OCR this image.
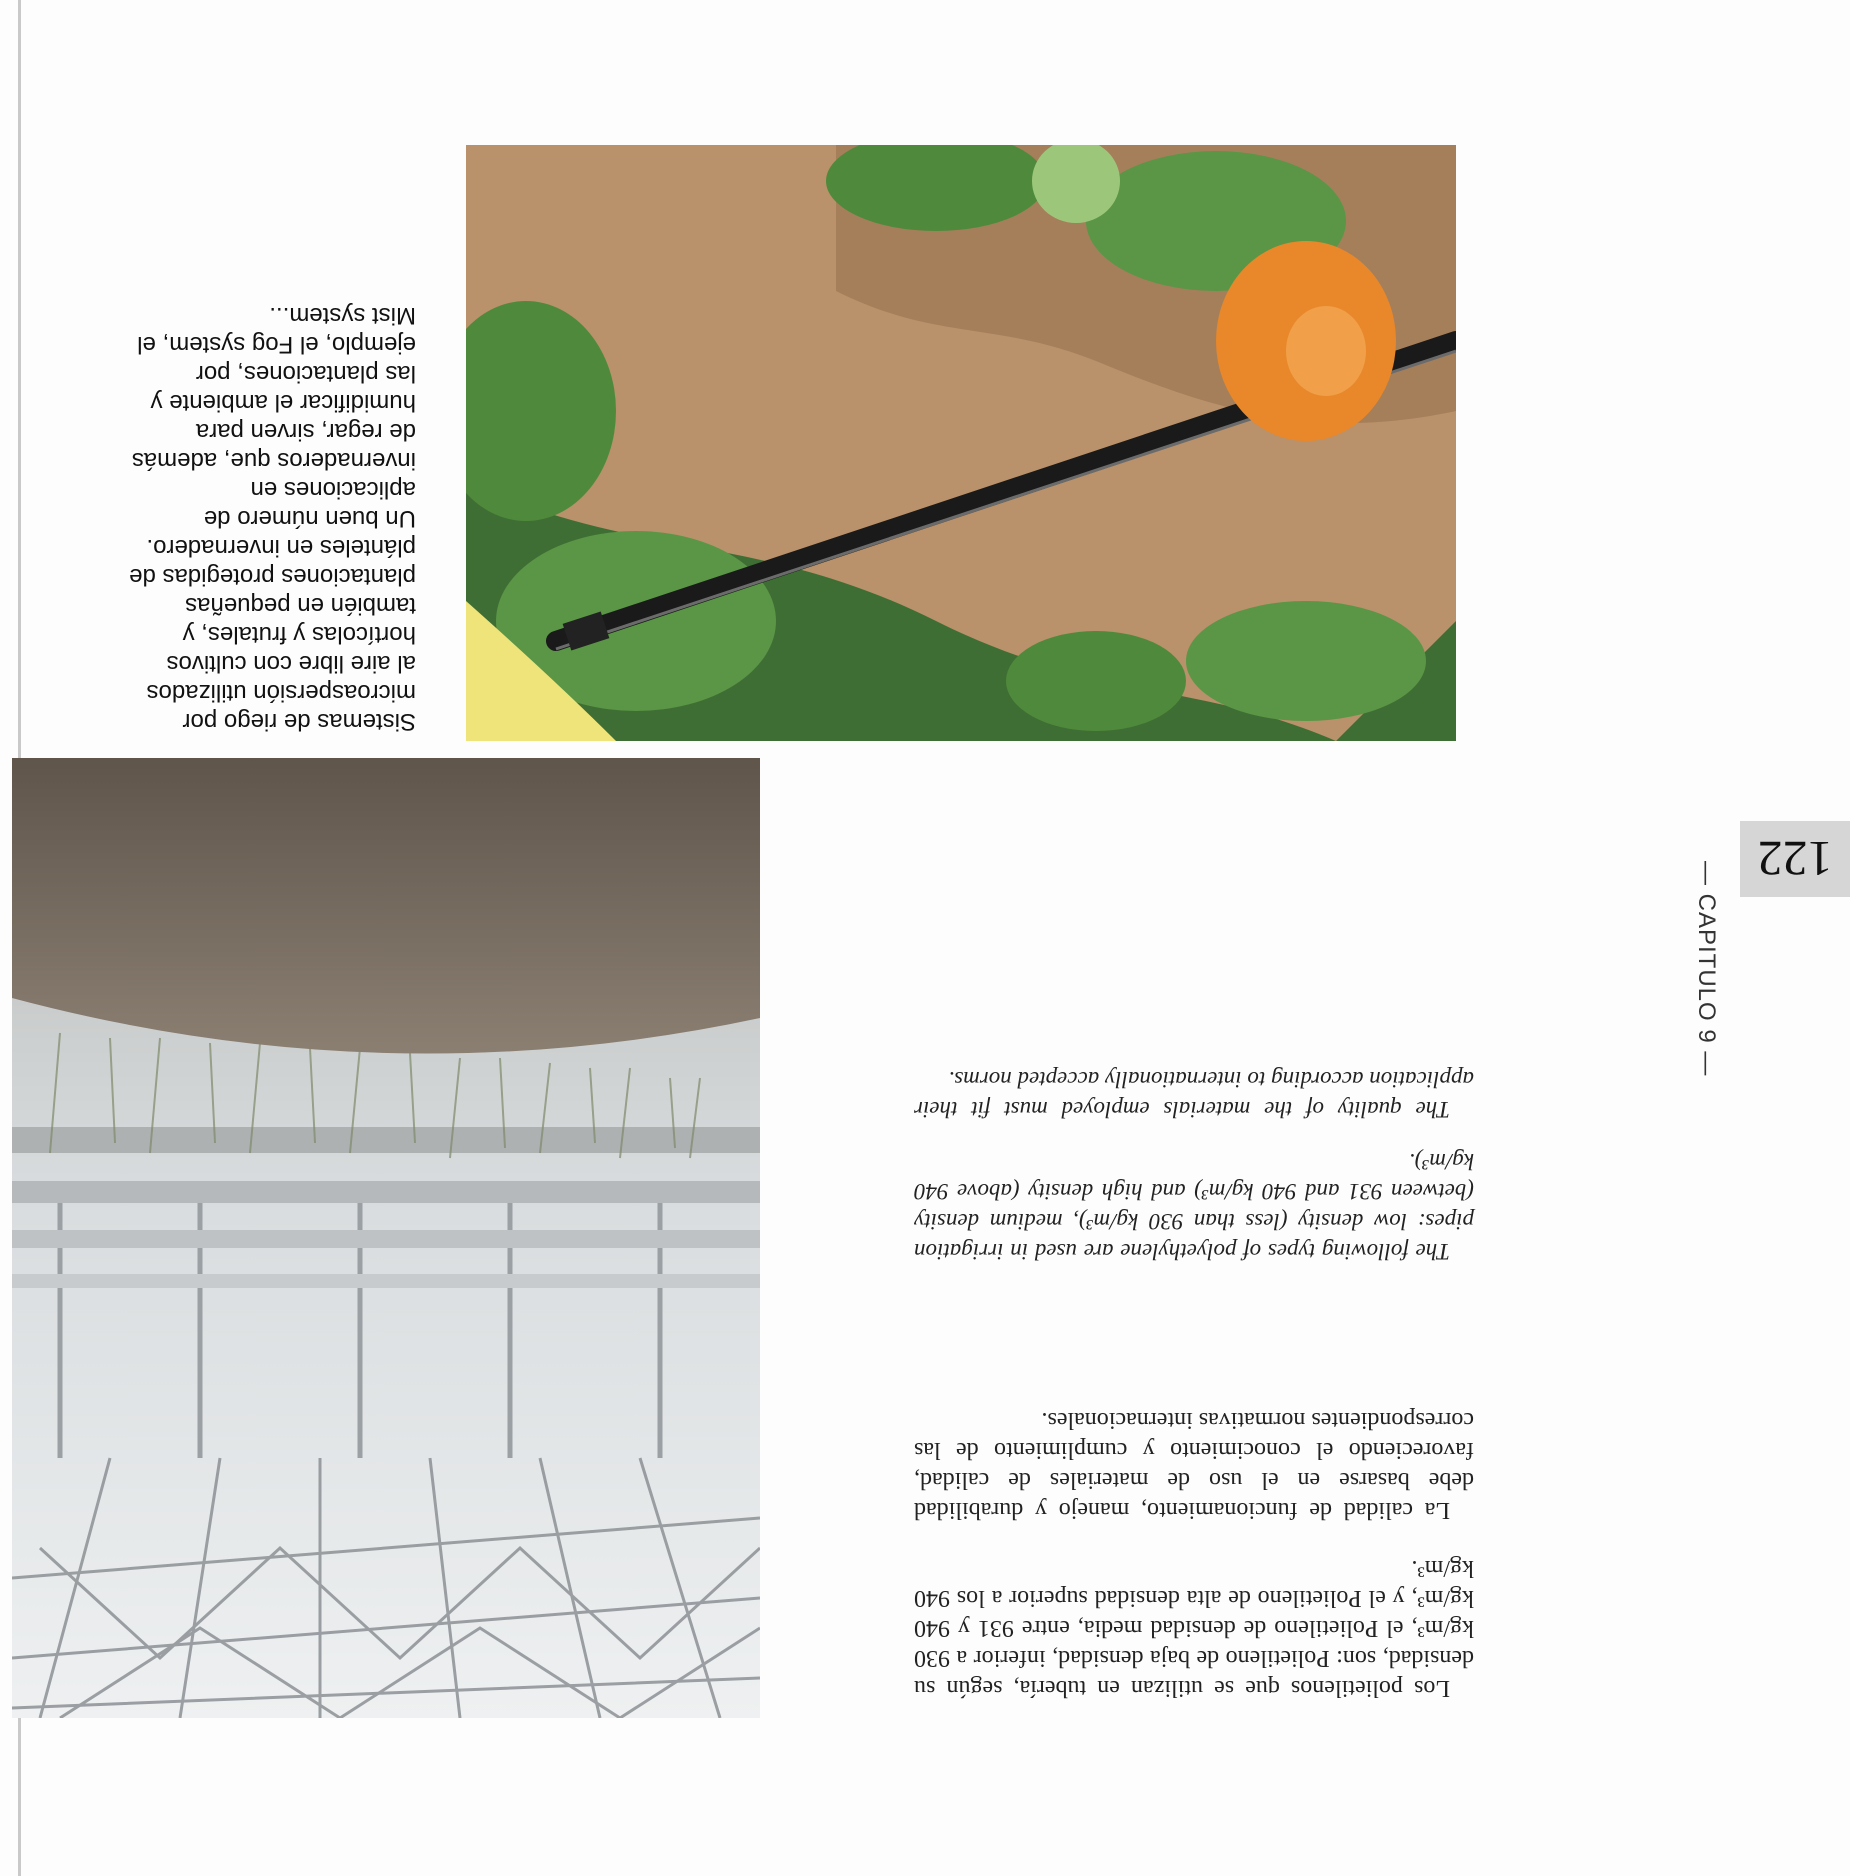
122
— CAPITULO 9 —

Los polietilenos que se utilizan en tubería, según su densidad, son: Polietileno de baja densidad, inferior a 930 kg/m³, el Polietileno de densidad media, entre 931 y 940 kg/m³, y el Polietileno de alta densidad superior a los 940 kg/m³.

La calidad de funcionamiento, manejo y durabilidad debe basarse en el uso de materiales de calidad, favoreciendo el conocimiento y cumplimiento de las correspondientes normativas internacionales.

The following types of polyethylene are used in irrigation pipes: low density (less than 930 kg/m³), medium density (between 931 and 940 kg/m³) and high density (above 940 kg/m³).

The quality of the materials employed must fit their application according to internationally accepted norms.

Sistemas de riego por microaspersión utilizados al aire libre con cultivos hortícolas y frutales, y también en pequeñas plantaciones protegidas de plánteles en invernadero. Un buen número de aplicaciones en invernaderos que, además de regar, sirven para humidificar el ambiente y las plantaciones, por ejemplo, el Fog system, el Mist system...
